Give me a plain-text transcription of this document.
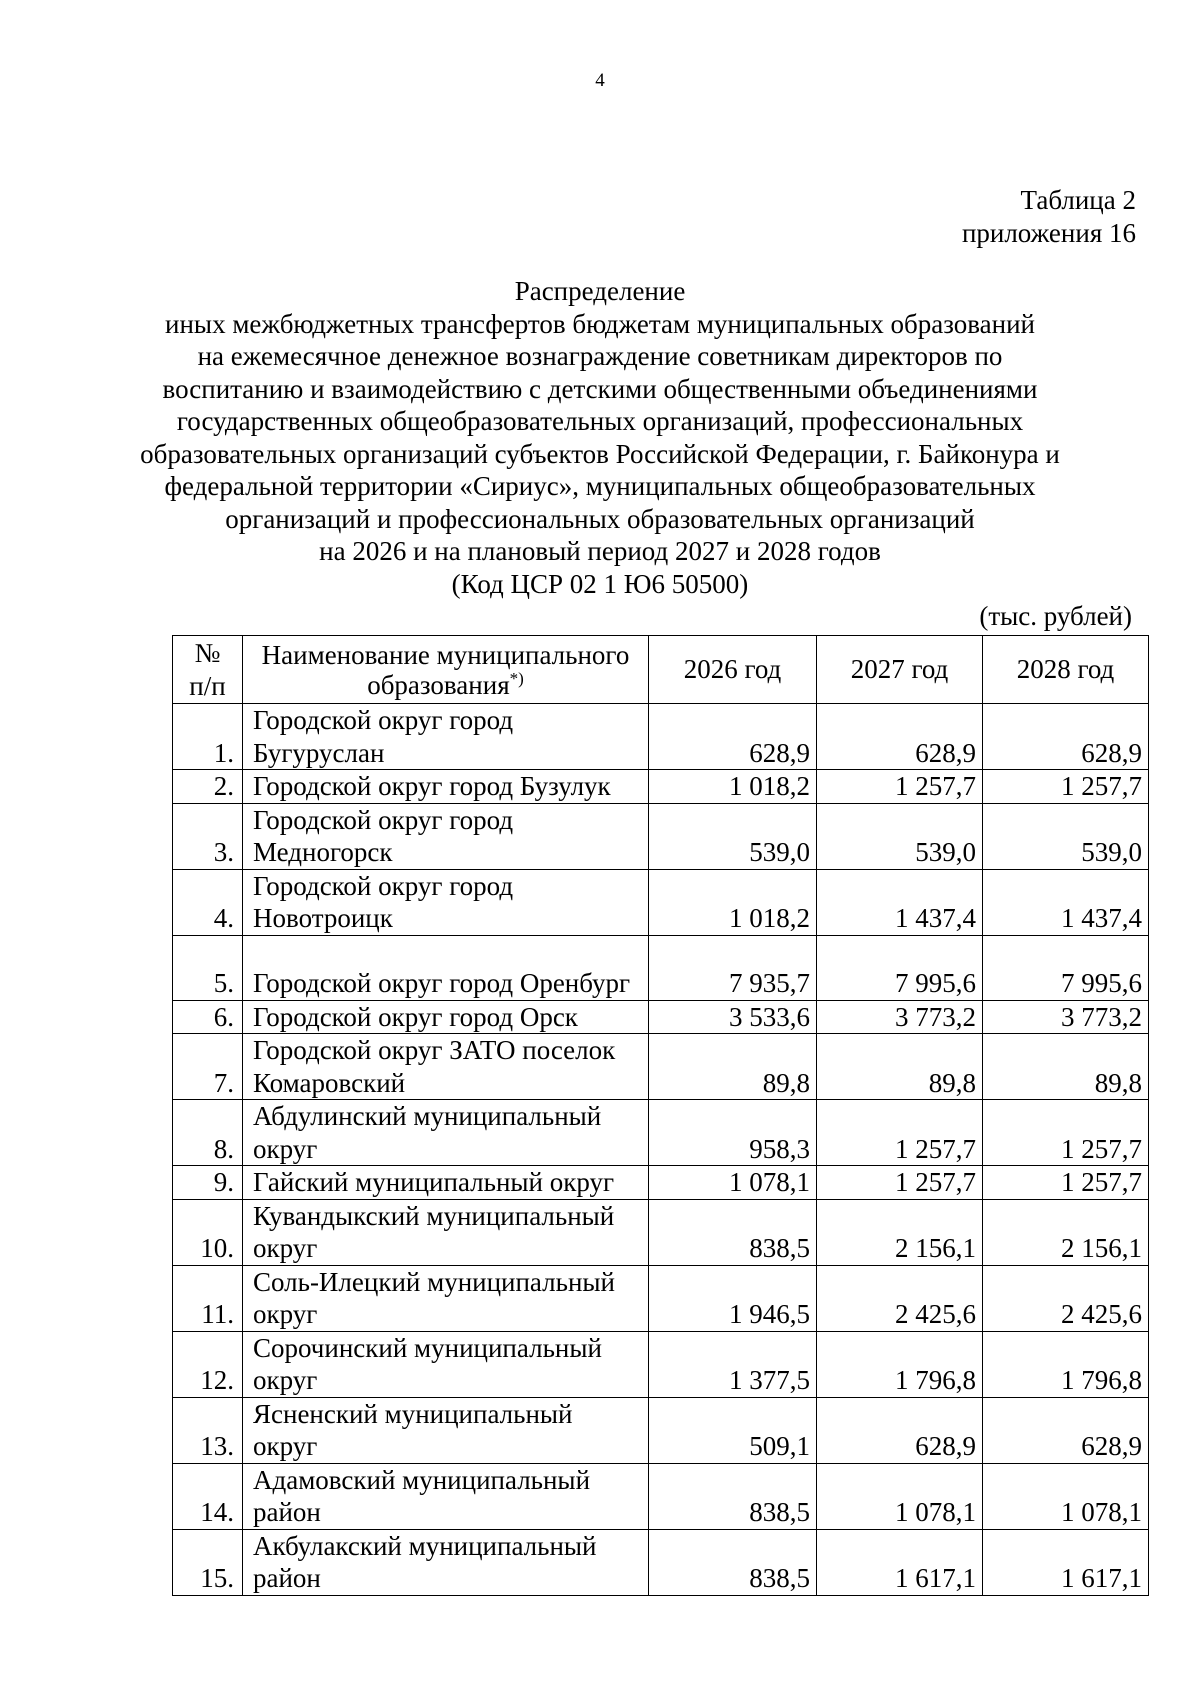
4
Таблица 2
приложения 16
Распределение
иных межбюджетных трансфертов бюджетам муниципальных образований
на ежемесячное денежное вознаграждение советникам директоров по
воспитанию и взаимодействию с детскими общественными объединениями
государственных общеобразовательных организаций, профессиональных
образовательных организаций субъектов Российской Федерации, г. Байконура и
федеральной территории «Сириус», муниципальных общеобразовательных
организаций и профессиональных образовательных организаций
на 2026 и на плановый период 2027 и 2028 годов
(Код ЦСР 02 1 Ю6 50500)
(тыс. рублей)
№
п/п	Наименование муниципального образования*)	2026 год	2027 год	2028 год
1.	Городской округ город Бугуруслан	628,9	628,9	628,9
2.	Городской округ город Бузулук	1 018,2	1 257,7	1 257,7
3.	Городской округ город Медногорск	539,0	539,0	539,0
4.	Городской округ город Новотроицк	1 018,2	1 437,4	1 437,4
5.	Городской округ город Оренбург	7 935,7	7 995,6	7 995,6
6.	Городской округ город Орск	3 533,6	3 773,2	3 773,2
7.	Городской округ ЗАТО поселок Комаровский	89,8	89,8	89,8
8.	Абдулинский муниципальный округ	958,3	1 257,7	1 257,7
9.	Гайский муниципальный округ	1 078,1	1 257,7	1 257,7
10.	Кувандыкский муниципальный округ	838,5	2 156,1	2 156,1
11.	Соль-Илецкий муниципальный округ	1 946,5	2 425,6	2 425,6
12.	Сорочинский муниципальный округ	1 377,5	1 796,8	1 796,8
13.	Ясненский муниципальный округ	509,1	628,9	628,9
14.	Адамовский муниципальный район	838,5	1 078,1	1 078,1
15.	Акбулакский муниципальный район	838,5	1 617,1	1 617,1
